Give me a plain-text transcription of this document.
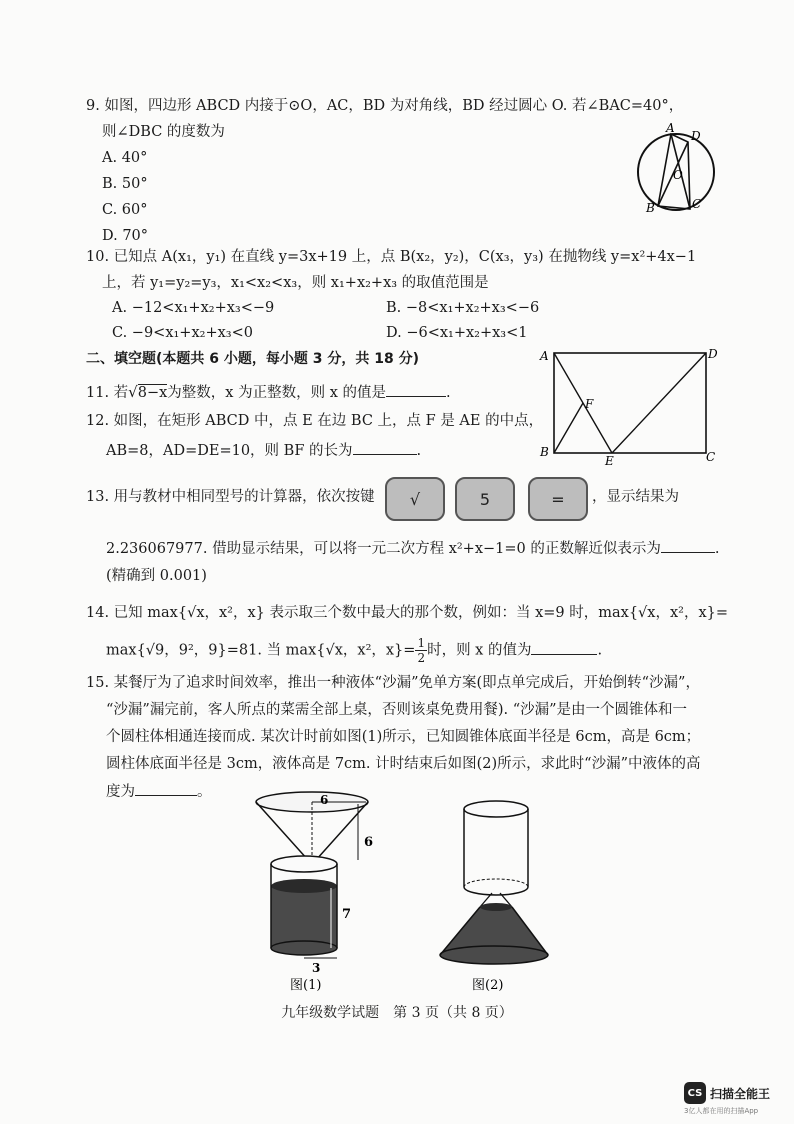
9. 如图，四边形 ABCD 内接于⊙O，AC，BD 为对角线，BD 经过圆心 O. 若∠BAC=40°，
则∠DBC 的度数为
A. 40°
B. 50°
C. 60°
D. 70°
A
D
O
B	C
10. 已知点 A(x₁，y₁) 在直线 y=3x+19 上，点 B(x₂，y₂)，C(x₃，y₃) 在抛物线 y=x²+4x−1
上，若 y₁=y₂=y₃，x₁<x₂<x₃，则 x₁+x₂+x₃ 的取值范围是
A. −12<x₁+x₂+x₃<−9	B. −8<x₁+x₂+x₃<−6
C. −9<x₁+x₂+x₃<0	D. −6<x₁+x₂+x₃<1
二、填空题(本题共 6 小题，每小题 3 分，共 18 分)
11. 若√8−x为整数，x 为正整数，则 x 的值是	.
12. 如图，在矩形 ABCD 中，点 E 在边 BC 上，点 F 是 AE 的中点，
AB=8，AD=DE=10，则 BF 的长为	.
A	D
F
B
E	C
13. 用与教材中相同型号的计算器，依次按键 √	5	= ，显示结果为
2.236067977. 借助显示结果，可以将一元二次方程 x²+x−1=0 的正数解近似表示为	.
(精确到 0.001)
14. 已知 max{√x，x²，x} 表示取三个数中最大的那个数，例如：当 x=9 时，max{√x，x²，x}=
max{√9，9²，9}=81. 当 max{√x，x²，$x\}= \frac{1}{2}$ 时，则 x 的值为	.
15. 某餐厅为了追求时间效率，推出一种液体“沙漏”免单方案(即点单完成后，开始倒转“沙漏”，
“沙漏”漏完前，客人所点的菜需全部上桌，否则该桌免费用餐). “沙漏”是由一个圆锥体和一
个圆柱体相通连接而成. 某次计时前如图(1)所示，已知圆锥体底面半径是 6cm，高是 6cm；
圆柱体底面半径是 3cm，液体高是 7cm. 计时结束后如图(2)所示，求此时“沙漏”中液体的高
度为	。	6
6
7
3
图(1)	图(2)
九年级数学试题　第 3 页（共 8 页）
CS 扫描全能王
3亿人都在用的扫描App
